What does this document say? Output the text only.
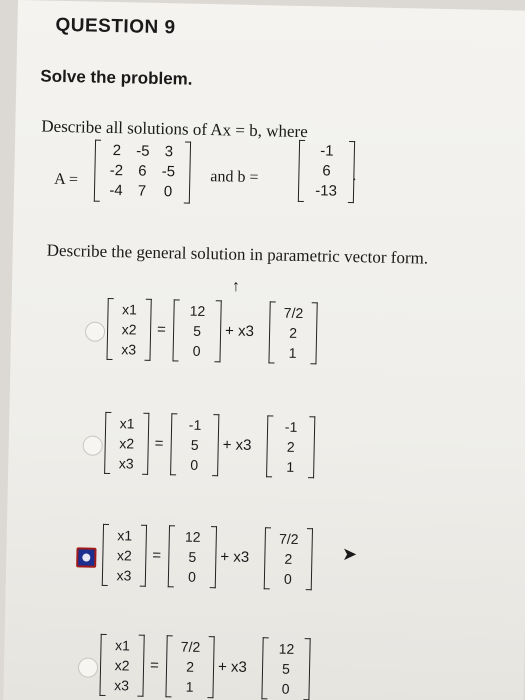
QUESTION 9
Solve the problem.
Describe all solutions of Ax = b, where
A =
2 -5 3
-2 6 -5
-4 7	0
and b =
-1
6
-13
.
Describe the general solution in parametric vector form.
x1
x2
x3
=
12
5
0
+ x3
7/2
2
1
x1
x2
x3
=
-1
5
0
+ x3
-1
2
1
x1
x2
x3
=
12
5
0
+ x3
7/2
2
0
x1
x2
x3
=
7/2
2
1
+ x3
12
5
0
↑
➤
